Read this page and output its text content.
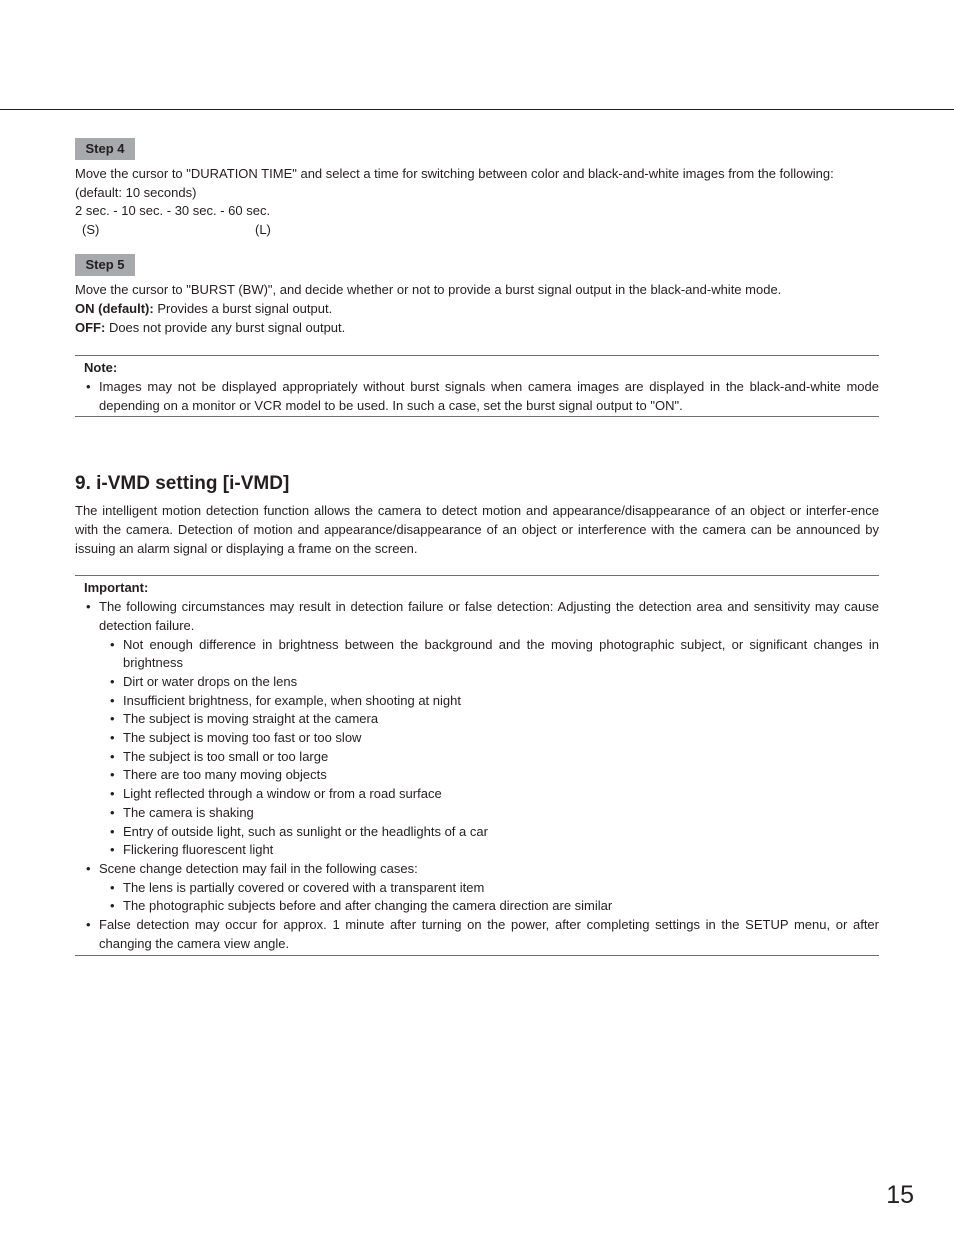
Step 4

Move the cursor to "DURATION TIME" and select a time for switching between color and black-and-white images from the following:

(default: 10 seconds)

2 sec. - 10 sec. - 30 sec. - 60 sec.

(S)	(L)
Step 5

Move the cursor to "BURST (BW)", and decide whether or not to provide a burst signal output in the black-and-white mode.

ON (default): Provides a burst signal output.

OFF: Does not provide any burst signal output.

Note:
• Images may not be displayed appropriately without burst signals when camera images are displayed in the black-and-white mode depending on a monitor or VCR model to be used. In such a case, set the burst signal output to "ON".
9. i-VMD setting [i-VMD]

The intelligent motion detection function allows the camera to detect motion and appearance/disappearance of an object or interfer-ence with the camera. Detection of motion and appearance/disappearance of an object or interference with the camera can be announced by issuing an alarm signal or displaying a frame on the screen.

Important:
• The following circumstances may result in detection failure or false detection: Adjusting the detection area and sensitivity may cause detection failure.
• Not enough difference in brightness between the background and the moving photographic subject, or significant changes in brightness
• Dirt or water drops on the lens
• Insufficient brightness, for example, when shooting at night
• The subject is moving straight at the camera
• The subject is moving too fast or too slow
• The subject is too small or too large
• There are too many moving objects
• Light reflected through a window or from a road surface
• The camera is shaking
• Entry of outside light, such as sunlight or the headlights of a car
• Flickering fluorescent light
• Scene change detection may fail in the following cases:
• The lens is partially covered or covered with a transparent item
• The photographic subjects before and after changing the camera direction are similar
• False detection may occur for approx. 1 minute after turning on the power, after completing settings in the SETUP menu, or after changing the camera view angle.
15
